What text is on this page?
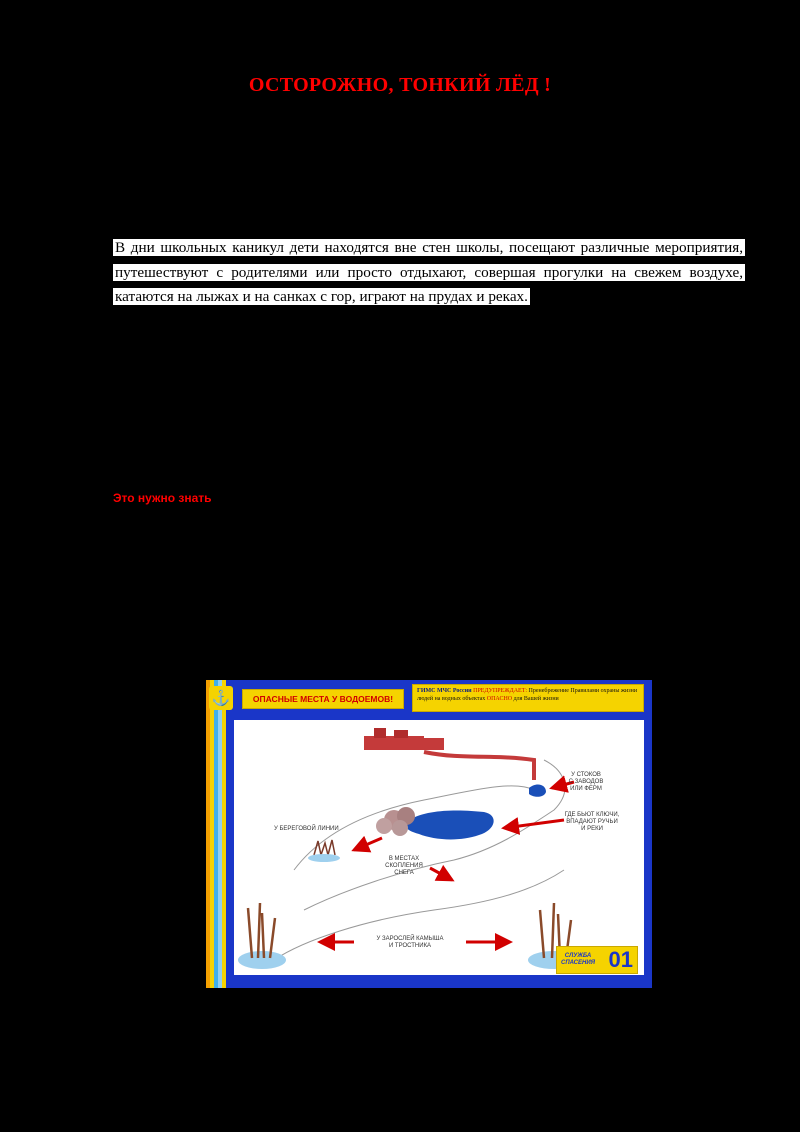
ОСТОРОЖНО, ТОНКИЙ ЛЁД !
В дни школьных каникул дети находятся вне стен школы, посещают различные мероприятия, путешествуют с родителями или просто отдыхают, совершая прогулки на свежем воздухе, катаются на лыжах и на санках с гор, играют на прудах и реках.
Это нужно знать
⚓	ОПАСНЫЕ МЕСТА У ВОДОЕМОВ!
ГИМС МЧС России ПРЕДУПРЕЖДАЕТ: Пренебрежение Правилами охраны жизни людей на водных объектах ОПАСНО для Вашей жизни
У СТОКОВ
С ЗАВОДОВ
ИЛИ ФЕРМ
ГДЕ БЬЮТ КЛЮЧИ,
ВПАДАЮТ РУЧЬИ
И РЕКИ
У БЕРЕГОВОЙ ЛИНИИ
В МЕСТАХ
СКОПЛЕНИЯ
СНЕГА
У ЗАРОСЛЕЙ КАМЫША
И ТРОСТНИКА
СЛУЖБА
СПАСЕНИЯ 01
